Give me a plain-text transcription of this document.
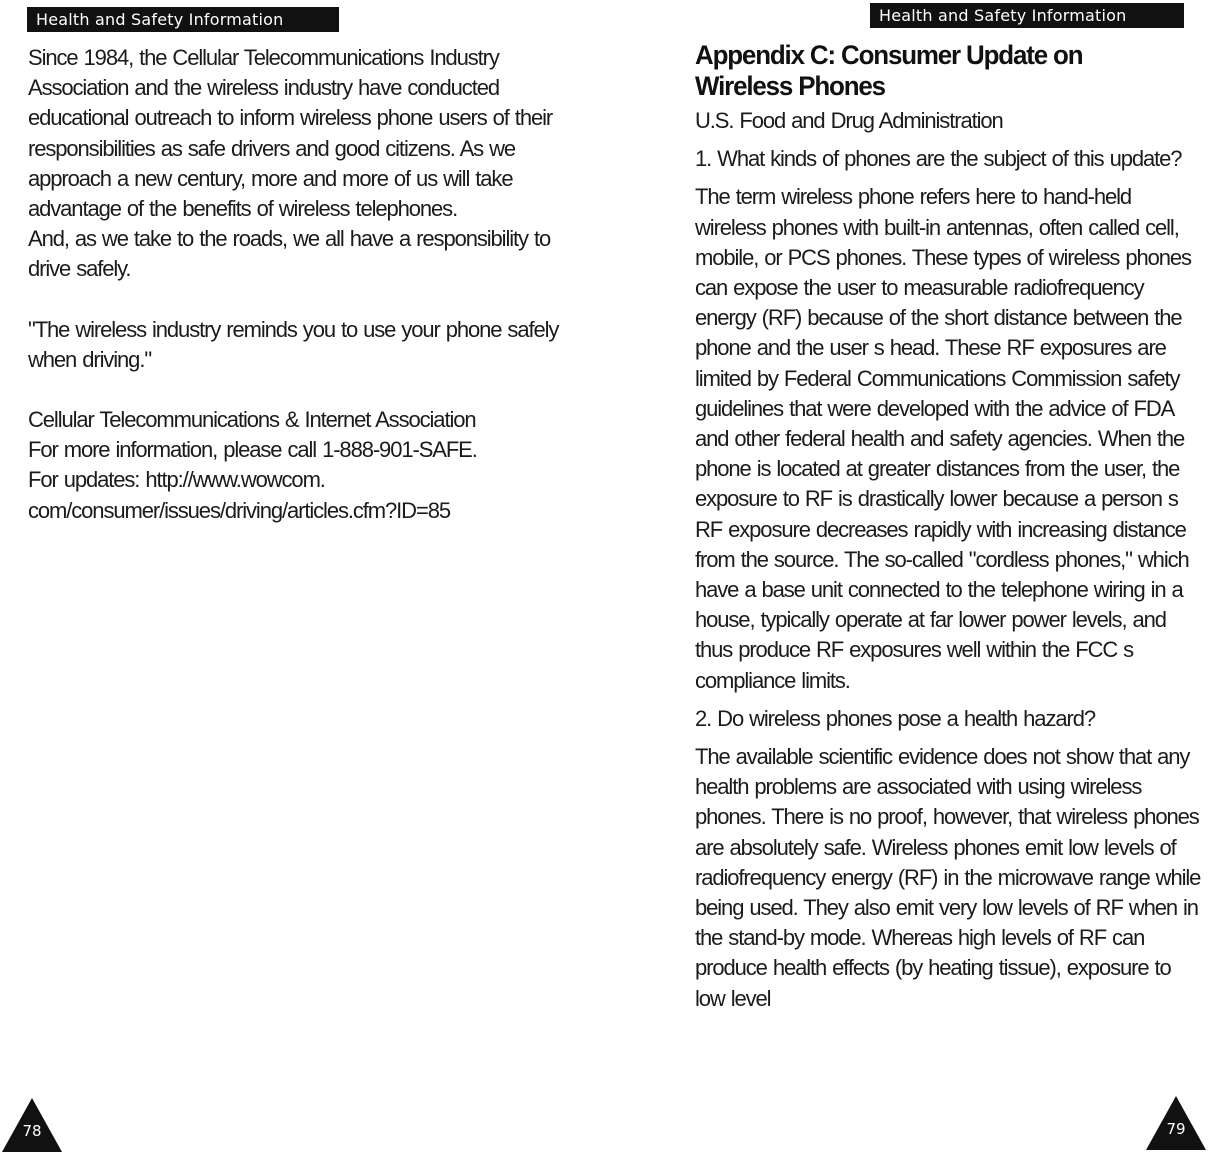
Health and Safety Information

Since 1984, the Cellular Telecommunications Industry Association and the wireless industry have conducted educational outreach to inform wireless phone users of their responsibilities as safe drivers and good citizens. As we approach a new century, more and more of us will take advantage of the benefits of wireless telephones.

And, as we take to the roads, we all have a responsibility to drive safely.

"The wireless industry reminds you to use your phone safely when driving."

Cellular Telecommunications & Internet Association

For more information, please call 1-888-901-SAFE.

For updates: http://www.wowcom.

com/consumer/issues/driving/articles.cfm?ID=85

78
Health and Safety Information
Appendix C: Consumer Update on Wireless Phones

U.S. Food and Drug Administration

1. What kinds of phones are the subject of this update?

The term wireless phone refers here to hand-held wireless phones with built-in antennas, often called cell, mobile, or PCS phones. These types of wireless phones can expose the user to measurable radiofrequency energy (RF) because of the short distance between the phone and the user s head. These RF exposures are limited by Federal Communications Commission safety

guidelines that were developed with the advice of FDA and other federal health and safety agencies. When the phone is located at greater distances from the user, the exposure to RF is drastically lower because a person s RF exposure decreases rapidly with increasing distance from the source. The so-called "cordless phones," which have a base unit connected to the telephone wiring in a house, typically operate at far lower power levels, and thus produce RF exposures well within the FCC s compliance limits.

2. Do wireless phones pose a health hazard?

The available scientific evidence does not show that any health problems are associated with using wireless phones. There is no proof, however, that wireless phones are absolutely safe. Wireless phones emit low levels of radiofrequency energy (RF) in the microwave range while being used. They also emit very low levels of RF when in the stand-by mode. Whereas high levels of RF can produce health effects (by heating tissue), exposure to low level

79
